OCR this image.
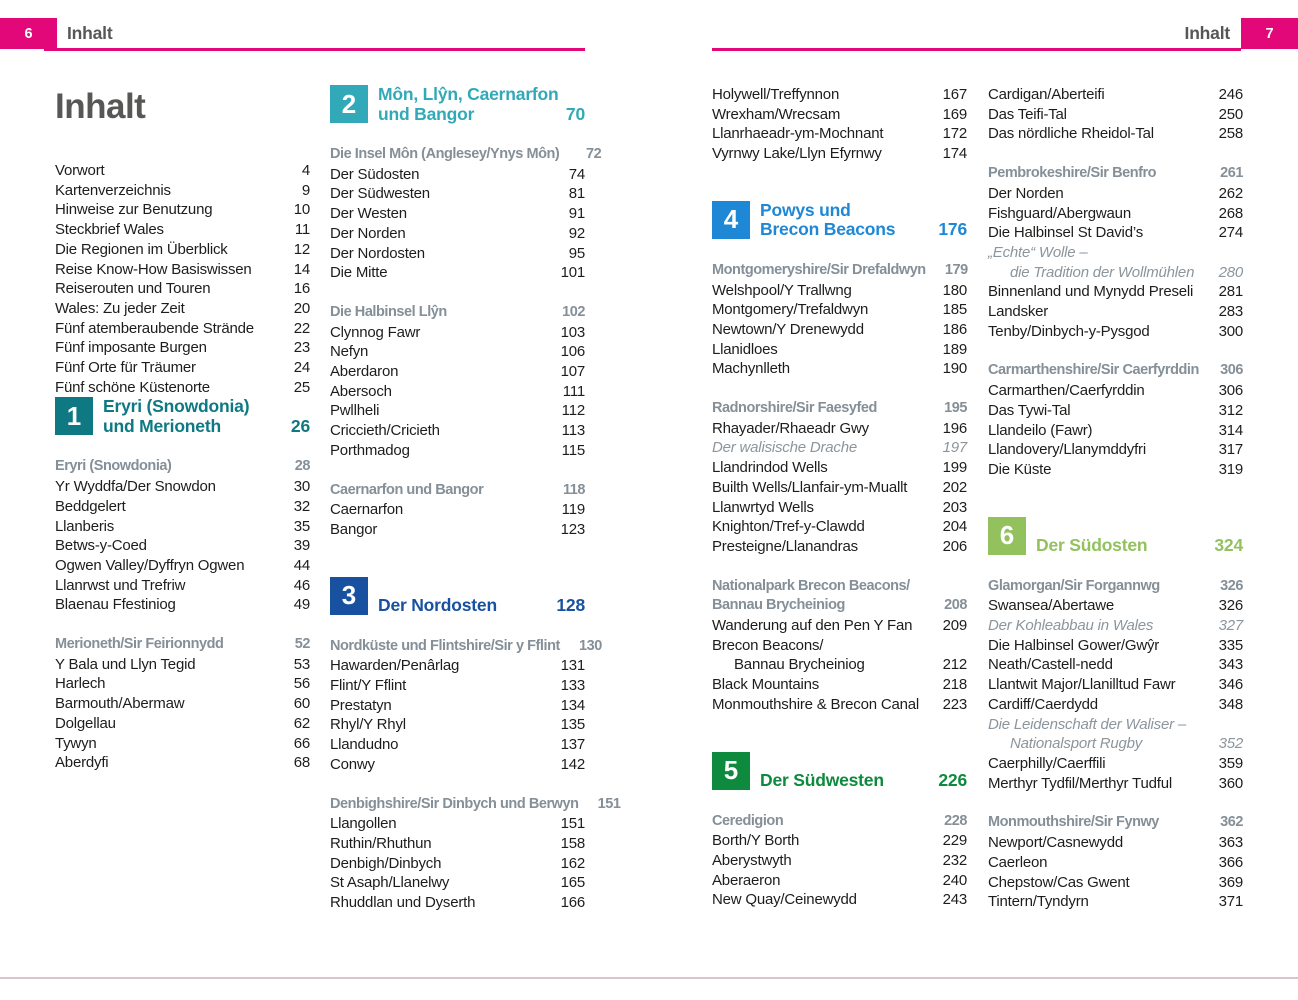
6	Inhalt	Inhalt	7
Inhalt
Vorwort	4
Kartenverzeichnis	9
Hinweise zur Benutzung	10
Steckbrief Wales	11
Die Regionen im Überblick	12
Reise Know-How Basiswissen	14
Reiserouten und Touren	16
Wales: Zu jeder Zeit	20
Fünf atemberaubende Strände	22
Fünf imposante Burgen	23
Fünf Orte für Träumer	24
Fünf schöne Küstenorte	25
1	Eryri (Snowdonia)
und Merioneth	26
Eryri (Snowdonia)	28
Yr Wyddfa/Der Snowdon	30
Beddgelert	32
Llanberis	35
Betws-y-Coed	39
Ogwen Valley/Dyffryn Ogwen	44
Llanrwst und Trefriw	46
Blaenau Ffestiniog	49
Merioneth/Sir Feirionnydd	52
Y Bala und Llyn Tegid	53
Harlech	56
Barmouth/Abermaw	60
Dolgellau	62
Tywyn	66
Aberdyfi	68
2	Môn, Llŷn, Caernarfon
und Bangor	70
Die Insel Môn (Anglesey/Ynys Môn)	72
Der Südosten	74
Der Südwesten	81
Der Westen	91
Der Norden	92
Der Nordosten	95
Die Mitte	101
Die Halbinsel Llŷn	102
Clynnog Fawr	103
Nefyn	106
Aberdaron	107
Abersoch	111
Pwllheli	112
Criccieth/Cricieth	113
Porthmadog	115
Caernarfon und Bangor	118
Caernarfon	119
Bangor	123
3	Der Nordosten	128
Nordküste und Flintshire/Sir y Fflint	130
Hawarden/Penârlag	131
Flint/Y Fflint	133
Prestatyn	134
Rhyl/Y Rhyl	135
Llandudno	137
Conwy	142
Denbighshire/Sir Dinbych und Berwyn	151
Llangollen	151
Ruthin/Rhuthun	158
Denbigh/Dinbych	162
St Asaph/Llanelwy	165
Rhuddlan und Dyserth	166
Holywell/Treffynnon	167
Wrexham/Wrecsam	169
Llanrhaeadr-ym-Mochnant	172
Vyrnwy Lake/Llyn Efyrnwy	174
4	Powys und
Brecon Beacons	176
Montgomeryshire/Sir Drefaldwyn	179
Welshpool/Y Trallwng	180
Montgomery/Trefaldwyn	185
Newtown/Y Drenewydd	186
Llanidloes	189
Machynlleth	190
Radnorshire/Sir Faesyfed	195
Rhayader/Rhaeadr Gwy	196
Der walisische Drache	197
Llandrindod Wells	199
Builth Wells/Llanfair-ym-Muallt	202
Llanwrtyd Wells	203
Knighton/Tref-y-Clawdd	204
Presteigne/Llanandras	206
Nationalpark Brecon Beacons/
Bannau Brycheiniog	208
Wanderung auf den Pen Y Fan	209
Brecon Beacons/
Bannau Brycheiniog	212
Black Mountains	218
Monmouthshire & Brecon Canal	223
5	Der Südwesten	226
Ceredigion	228
Borth/Y Borth	229
Aberystwyth	232
Aberaeron	240
New Quay/Ceinewydd	243
Cardigan/Aberteifi	246
Das Teifi-Tal	250
Das nördliche Rheidol-Tal	258
Pembrokeshire/Sir Benfro	261
Der Norden	262
Fishguard/Abergwaun	268
Die Halbinsel St David’s	274
„Echte“ Wolle –
die Tradition der Wollmühlen	280
Binnenland und Mynydd Preseli	281
Landsker	283
Tenby/Dinbych-y-Pysgod	300
Carmarthenshire/Sir Caerfyrddin	306
Carmarthen/Caerfyrddin	306
Das Tywi-Tal	312
Llandeilo (Fawr)	314
Llandovery/Llanymddyfri	317
Die Küste	319
6	Der Südosten	324
Glamorgan/Sir Forgannwg	326
Swansea/Abertawe	326
Der Kohleabbau in Wales	327
Die Halbinsel Gower/Gwŷr	335
Neath/Castell-nedd	343
Llantwit Major/Llanilltud Fawr	346
Cardiff/Caerdydd	348
Die Leidenschaft der Waliser –
Nationalsport Rugby	352
Caerphilly/Caerffili	359
Merthyr Tydfil/Merthyr Tudful	360
Monmouthshire/Sir Fynwy	362
Newport/Casnewydd	363
Caerleon	366
Chepstow/Cas Gwent	369
Tintern/Tyndyrn	371
